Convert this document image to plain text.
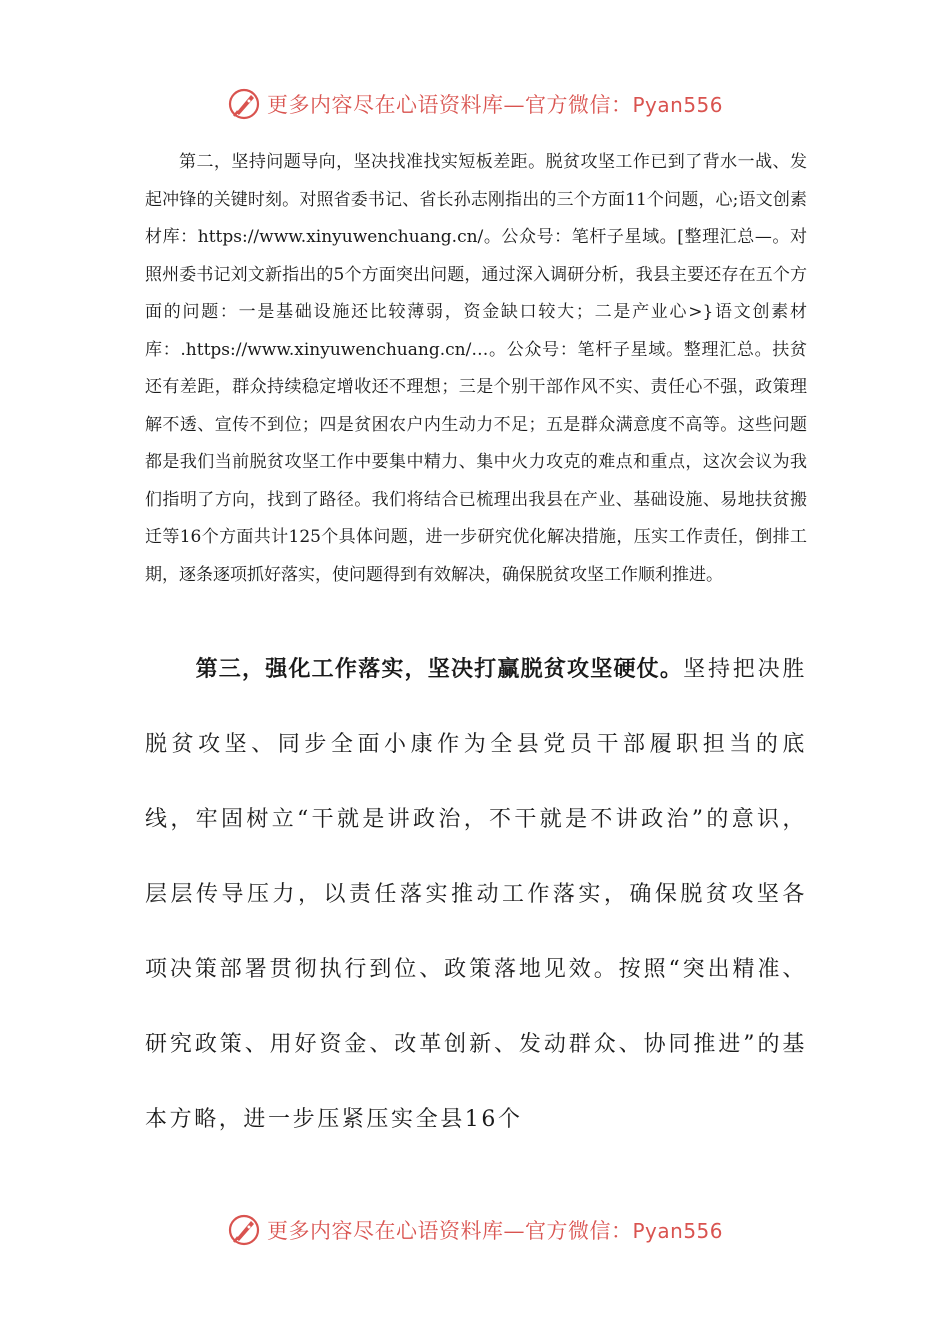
更多内容尽在心语资料库—官方微信：Pyan556

第二，坚持问题导向，坚决找准找实短板差距。脱贫攻坚工作已到了背水一战、发起冲锋的关键时刻。对照省委书记、省长孙志刚指出的三个方面11个问题，心;语文创素材库：https://www.xinyuwenchuang.cn/。公众号：笔杆子星域。[整理汇总—。对照州委书记刘文新指出的5个方面突出问题，通过深入调研分析，我县主要还存在五个方面的问题：一是基础设施还比较薄弱，资金缺口较大；二是产业心>}语文创素材库：.https://www.xinyuwenchuang.cn/…。公众号：笔杆子星域。整理汇总。扶贫还有差距，群众持续稳定增收还不理想；三是个别干部作风不实、责任心不强，政策理解不透、宣传不到位；四是贫困农户内生动力不足；五是群众满意度不高等。这些问题都是我们当前脱贫攻坚工作中要集中精力、集中火力攻克的难点和重点，这次会议为我们指明了方向，找到了路径。我们将结合已梳理出我县在产业、基础设施、易地扶贫搬迁等16个方面共计125个具体问题，进一步研究优化解决措施，压实工作责任，倒排工期，逐条逐项抓好落实，使问题得到有效解决，确保脱贫攻坚工作顺利推进。

第三，强化工作落实，坚决打赢脱贫攻坚硬仗。坚持把决胜脱贫攻坚、同步全面小康作为全县党员干部履职担当的底线，牢固树立“干就是讲政治，不干就是不讲政治”的意识，层层传导压力，以责任落实推动工作落实，确保脱贫攻坚各项决策部署贯彻执行到位、政策落地见效。按照“突出精准、研究政策、用好资金、改革创新、发动群众、协同推进”的基本方略，进一步压紧压实全县16个

更多内容尽在心语资料库—官方微信：Pyan556
